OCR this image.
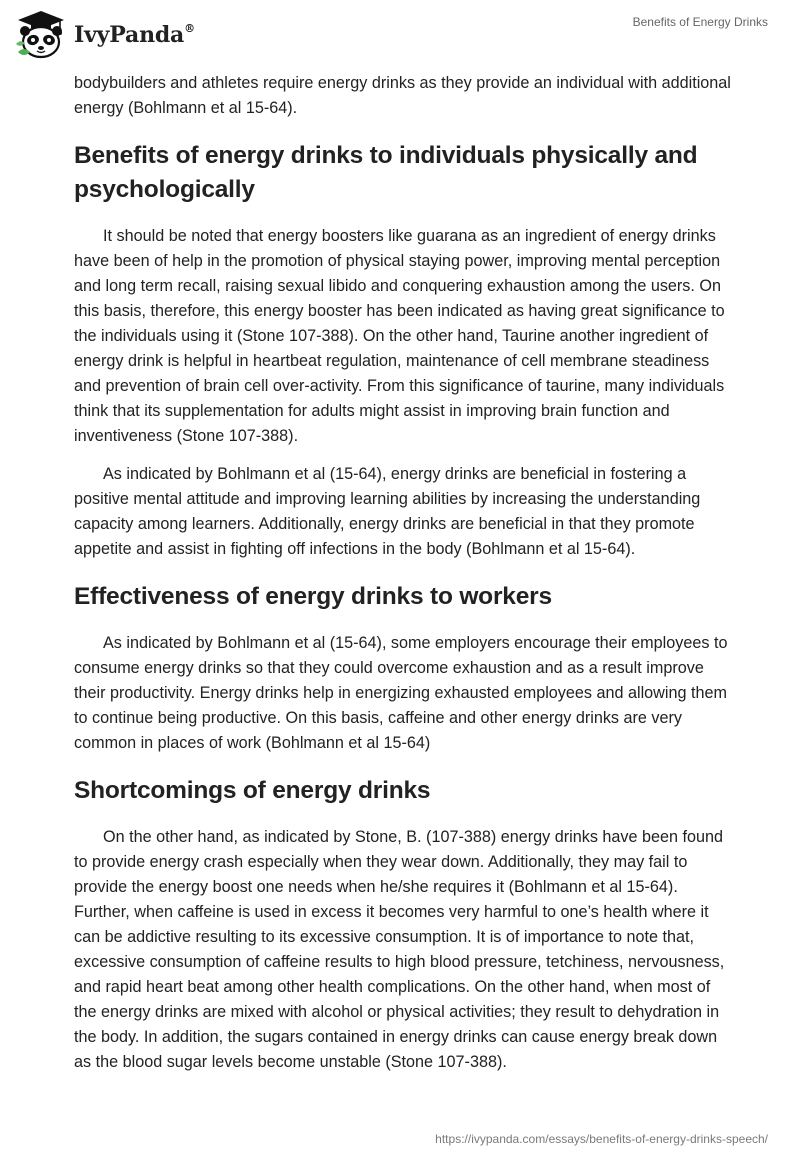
IvyPanda®	Benefits of Energy Drinks

bodybuilders and athletes require energy drinks as they provide an individual with additional energy (Bohlmann et al 15-64).

Benefits of energy drinks to individuals physically and psychologically

It should be noted that energy boosters like guarana as an ingredient of energy drinks have been of help in the promotion of physical staying power, improving mental perception and long term recall, raising sexual libido and conquering exhaustion among the users. On this basis, therefore, this energy booster has been indicated as having great significance to the individuals using it (Stone 107-388). On the other hand, Taurine another ingredient of energy drink is helpful in heartbeat regulation, maintenance of cell membrane steadiness and prevention of brain cell over-activity. From this significance of taurine, many individuals think that its supplementation for adults might assist in improving brain function and inventiveness (Stone 107-388).

As indicated by Bohlmann et al (15-64), energy drinks are beneficial in fostering a positive mental attitude and improving learning abilities by increasing the understanding capacity among learners. Additionally, energy drinks are beneficial in that they promote appetite and assist in fighting off infections in the body (Bohlmann et al 15-64).

Effectiveness of energy drinks to workers

As indicated by Bohlmann et al (15-64), some employers encourage their employees to consume energy drinks so that they could overcome exhaustion and as a result improve their productivity. Energy drinks help in energizing exhausted employees and allowing them to continue being productive. On this basis, caffeine and other energy drinks are very common in places of work (Bohlmann et al 15-64)

Shortcomings of energy drinks

On the other hand, as indicated by Stone, B. (107-388) energy drinks have been found to provide energy crash especially when they wear down. Additionally, they may fail to provide the energy boost one needs when he/she requires it (Bohlmann et al 15-64). Further, when caffeine is used in excess it becomes very harmful to one’s health where it can be addictive resulting to its excessive consumption. It is of importance to note that, excessive consumption of caffeine results to high blood pressure, tetchiness, nervousness, and rapid heart beat among other health complications. On the other hand, when most of the energy drinks are mixed with alcohol or physical activities; they result to dehydration in the body. In addition, the sugars contained in energy drinks can cause energy break down as the blood sugar levels become unstable (Stone 107-388).

https://ivypanda.com/essays/benefits-of-energy-drinks-speech/
